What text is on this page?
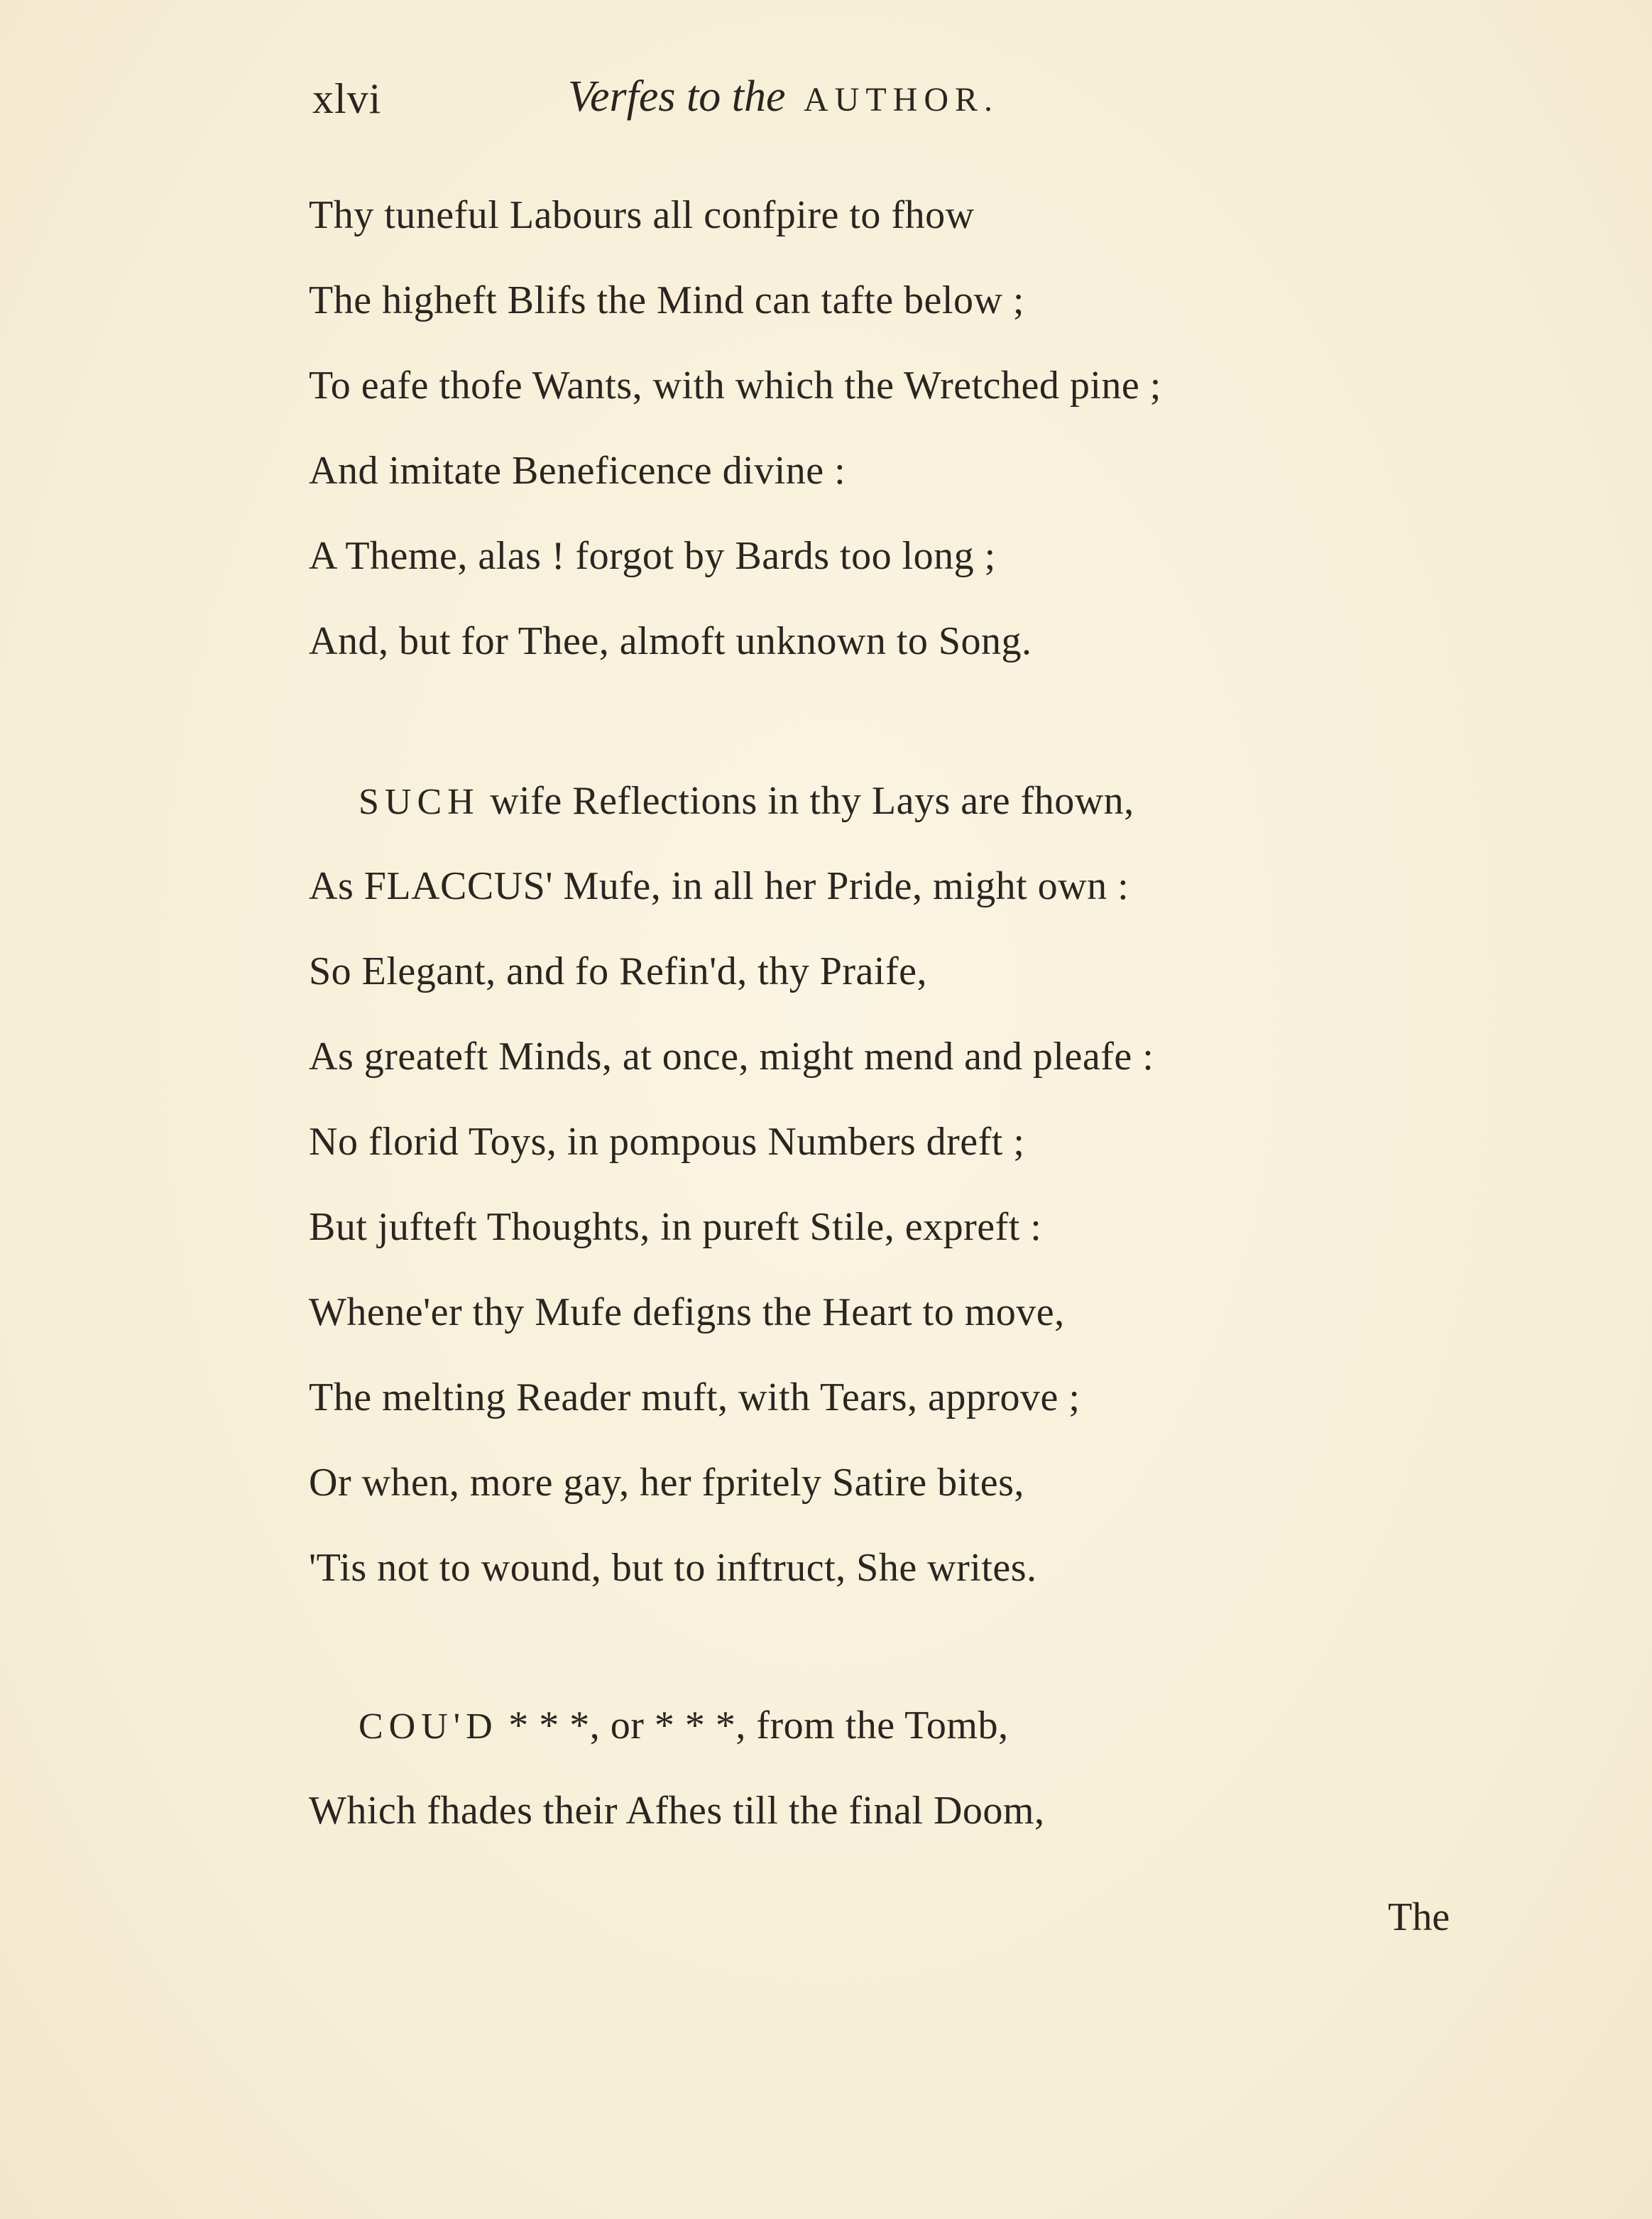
xlvi	Verfes to the AUTHOR.
Thy tuneful Labours all confpire to fhow
The higheft Blifs the Mind can tafte below ;
To eafe thofe Wants, with which the Wretched pine ;
And imitate Beneficence divine :
A Theme, alas ! forgot by Bards too long ;
And, but for Thee, almoft unknown to Song.
SUCH wife Reflections in thy Lays are fhown,
As FLACCUS' Mufe, in all her Pride, might own :
So Elegant, and fo Refin'd, thy Praife,
As greateft Minds, at once, might mend and pleafe :
No florid Toys, in pompous Numbers dreft ;
But jufteft Thoughts, in pureft Stile, expreft :
Whene'er thy Mufe defigns the Heart to move,
The melting Reader muft, with Tears, approve ;
Or when, more gay, her fpritely Satire bites,
'Tis not to wound, but to inftruct, She writes.
COU'D * * *, or * * *, from the Tomb,
Which fhades their Afhes till the final Doom,
The
